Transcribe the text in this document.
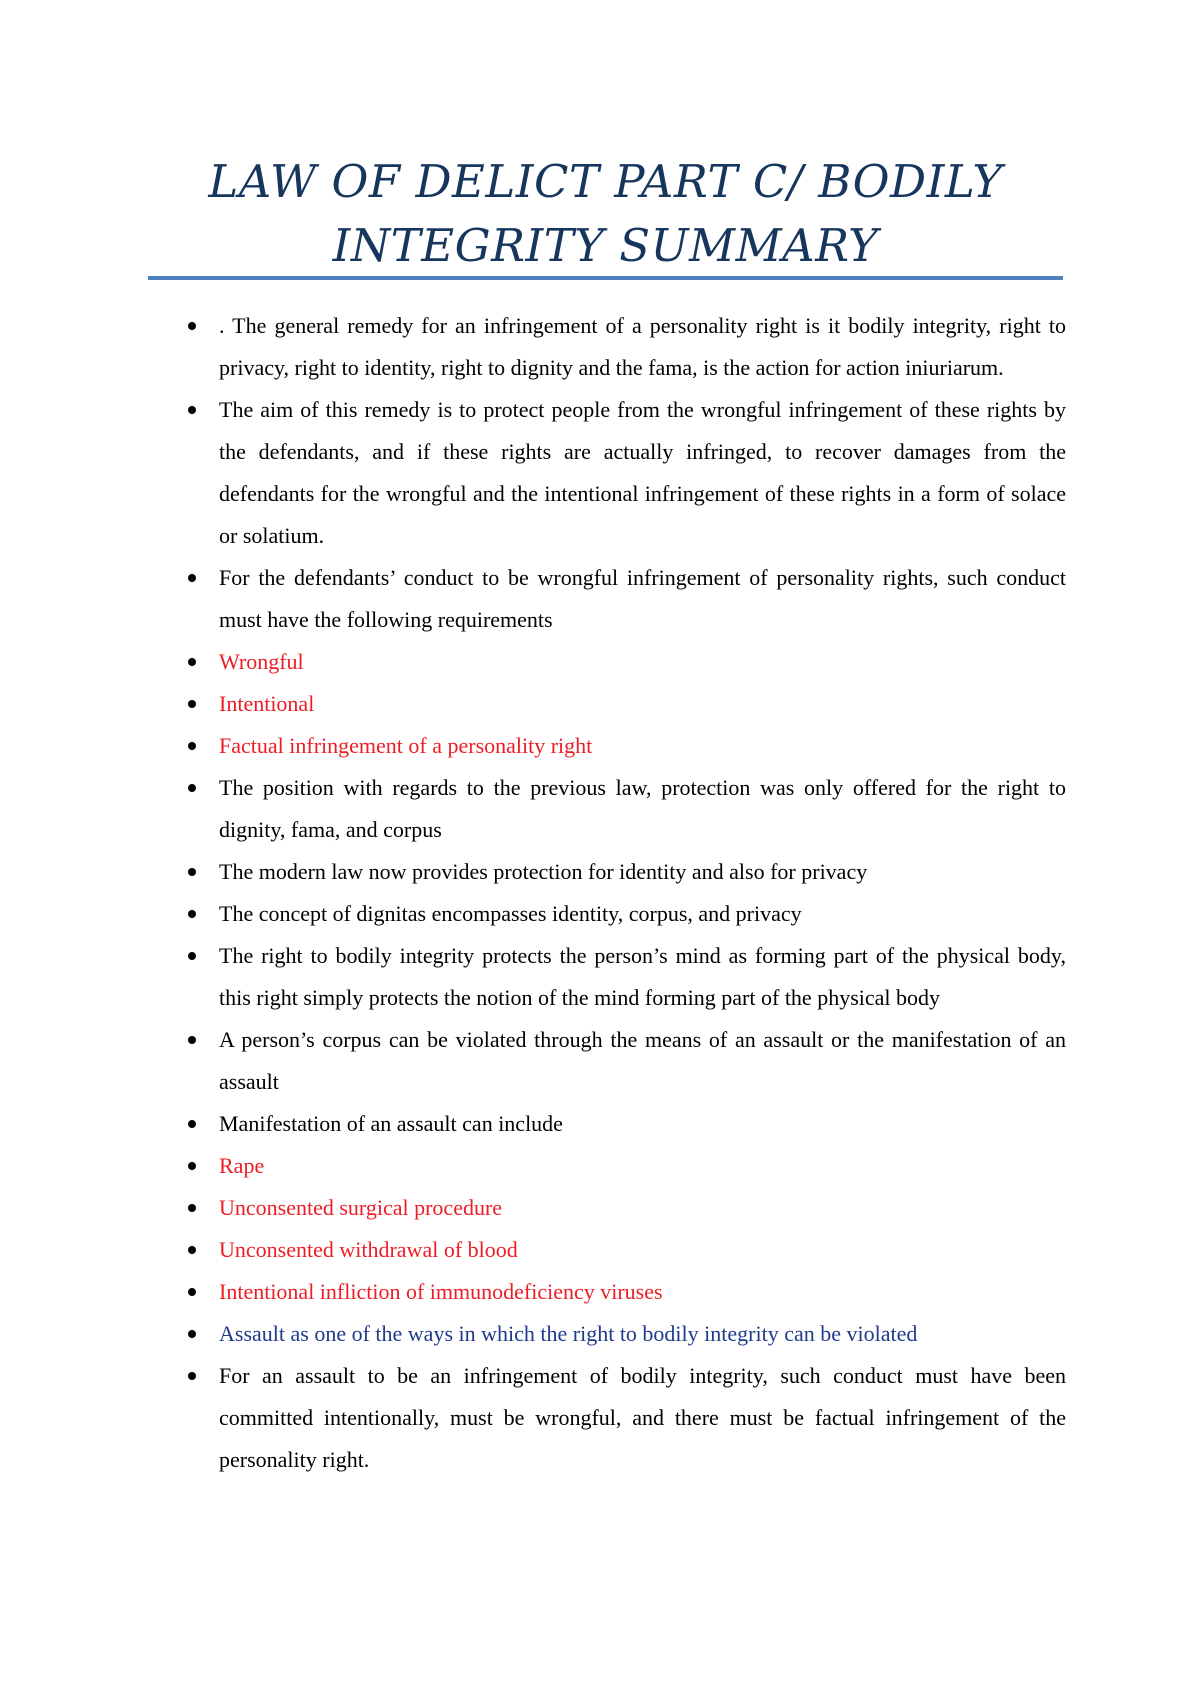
LAW OF DELICT PART C/ BODILY
INTEGRITY SUMMARY
. The general remedy for an infringement of a personality right is it bodily integrity, right to privacy, right to identity, right to dignity and the fama, is the action for action iniuriarum.
The aim of this remedy is to protect people from the wrongful infringement of these rights by the defendants, and if these rights are actually infringed, to recover damages from the defendants for the wrongful and the intentional infringement of these rights in a form of solace or solatium.
For the defendants’ conduct to be wrongful infringement of personality rights, such conduct must have the following requirements
Wrongful
Intentional
Factual infringement of a personality right
The position with regards to the previous law, protection was only offered for the right to dignity, fama, and corpus
The modern law now provides protection for identity and also for privacy
The concept of dignitas encompasses identity, corpus, and privacy
The right to bodily integrity protects the person’s mind as forming part of the physical body, this right simply protects the notion of the mind forming part of the physical body
A person’s corpus can be violated through the means of an assault or the manifestation of an assault
Manifestation of an assault can include
Rape
Unconsented surgical procedure
Unconsented withdrawal of blood
Intentional infliction of immunodeficiency viruses
Assault as one of the ways in which the right to bodily integrity can be violated
For an assault to be an infringement of bodily integrity, such conduct must have been committed intentionally, must be wrongful, and there must be factual infringement of the personality right.
